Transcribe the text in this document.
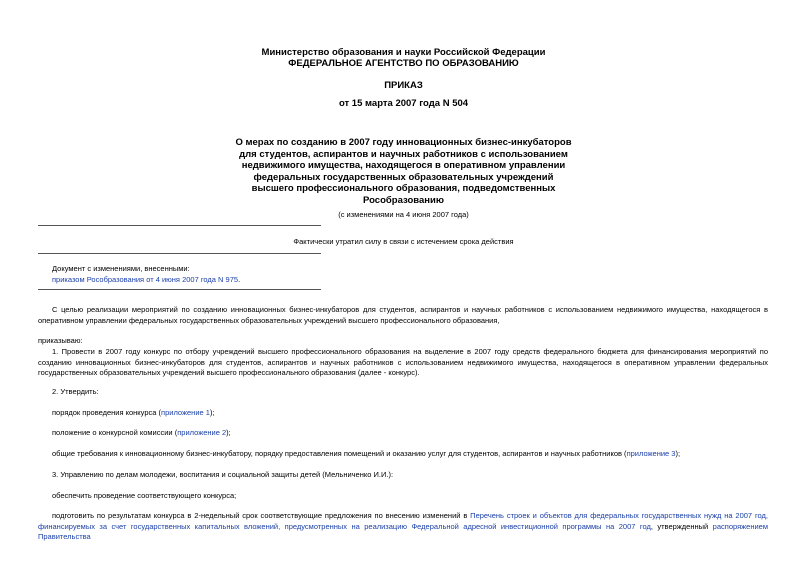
Министерство образования и науки Российской Федерации
ФЕДЕРАЛЬНОЕ АГЕНТСТВО ПО ОБРАЗОВАНИЮ
ПРИКАЗ
от 15 марта 2007 года N 504
О мерах по созданию в 2007 году инновационных бизнес-инкубаторов
для студентов, аспирантов и научных работников с использованием
недвижимого имущества, находящегося в оперативном управлении
федеральных государственных образовательных учреждений
высшего профессионального образования, подведомственных
Рособразованию
(с изменениями на 4 июня 2007 года)
Фактически утратил силу в связи с истечением срока действия
Документ с изменениями, внесенными:
приказом Рособразования от 4 июня 2007 года N 975.
С целью реализации мероприятий по созданию инновационных бизнес-инкубаторов для студентов, аспирантов и научных работников с использованием недвижимого имущества, находящегося в оперативном управлении федеральных государственных образовательных учреждений высшего профессионального образования,
приказываю:
1. Провести в 2007 году конкурс по отбору учреждений высшего профессионального образования на выделение в 2007 году средств федерального бюджета для финансирования мероприятий по созданию инновационных бизнес-инкубаторов для студентов, аспирантов и научных работников с использованием недвижимого имущества, находящегося в оперативном управлении федеральных государственных образовательных учреждений высшего профессионального образования (далее - конкурс).
2. Утвердить:
порядок проведения конкурса (приложение 1);
положение о конкурсной комиссии (приложение 2);
общие требования к инновационному бизнес-инкубатору, порядку предоставления помещений и оказанию услуг для студентов, аспирантов и научных работников (приложение 3);
3. Управлению по делам молодежи, воспитания и социальной защиты детей (Мельниченко И.И.):
обеспечить проведение соответствующего конкурса;
подготовить по результатам конкурса в 2-недельный срок соответствующие предложения по внесению изменений в Перечень строек и объектов для федеральных государственных нужд на 2007 год, финансируемых за счет государственных капитальных вложений, предусмотренных на реализацию Федеральной адресной инвестиционной программы на 2007 год, утвержденный распоряжением Правительства
